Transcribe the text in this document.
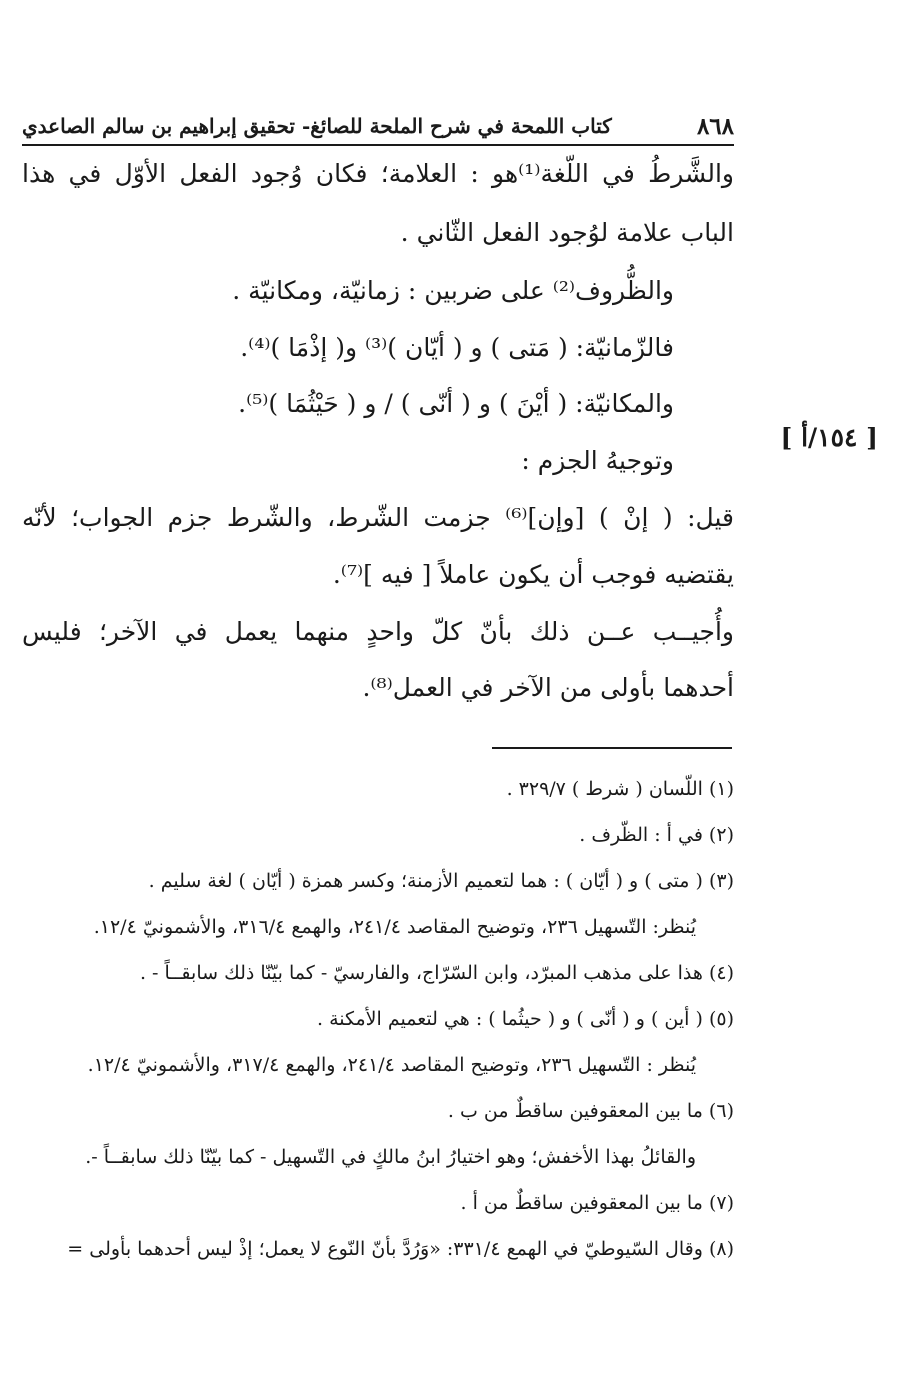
كتاب اللمحة في شرح الملحة للصائغ- تحقيق إبراهيم بن سالم الصاعدي	٨٦٨
[ ١٥٤/أ ]
والشَّرطُ في اللّغة⁽¹⁾هو : العلامة؛ فكان وُجود الفعل الأوّل في هذا
الباب علامة لوُجود الفعل الثّاني .
والظُّروف⁽²⁾ على ضربين : زمانيّة، ومكانيّة .
فالزّمانيّة: ( مَتى ) و ( أيّان )⁽³⁾ و( إذْمَا )⁽⁴⁾.
والمكانيّة: ( أيْنَ ) و ( أنّى ) / و ( حَيْثُمَا )⁽⁵⁾.
وتوجيهُ الجزم :
قيل: ( إنْ ) [وإن]⁽⁶⁾ جزمت الشّرط، والشّرط جزم الجواب؛ لأنّه
يقتضيه فوجب أن يكون عاملاً [ فيه ]⁽⁷⁾.
وأُجيــب عــن ذلك بأنّ كلّ واحدٍ منهما يعمل في الآخر؛ فليس
أحدهما بأولى من الآخر في العمل⁽⁸⁾.
(١) اللّسان ( شرط ) ٣٢٩/٧ .
(٢) في أ : الظّرف .
(٣) ( متى ) و ( أيّان ) : هما لتعميم الأزمنة؛ وكسر همزة ( أيّان ) لغة سليم .
يُنظر: التّسهيل ٢٣٦، وتوضيح المقاصد ٢٤١/٤، والهمع ٣١٦/٤، والأشمونيّ ١٢/٤.
(٤) هذا على مذهب المبرّد، وابن السّرّاج، والفارسيّ - كما بيّنّا ذلك سابقــاً - .
(٥) ( أين ) و ( أنّى ) و ( حيثُما ) : هي لتعميم الأمكنة .
يُنظر : التّسهيل ٢٣٦، وتوضيح المقاصد ٢٤١/٤، والهمع ٣١٧/٤، والأشمونيّ ١٢/٤.
(٦) ما بين المعقوفين ساقطٌ من ب .
والقائلُ بهذا الأخفش؛ وهو اختيارُ ابنُ مالكٍ في التّسهيل - كما بيّنّا ذلك سابقــاً -.
(٧) ما بين المعقوفين ساقطٌ من أ .
(٨) وقال السّيوطيّ في الهمع ٣٣١/٤: «وَرُدَّ بأنّ النّوع لا يعمل؛ إذْ ليس أحدهما بأولى =
